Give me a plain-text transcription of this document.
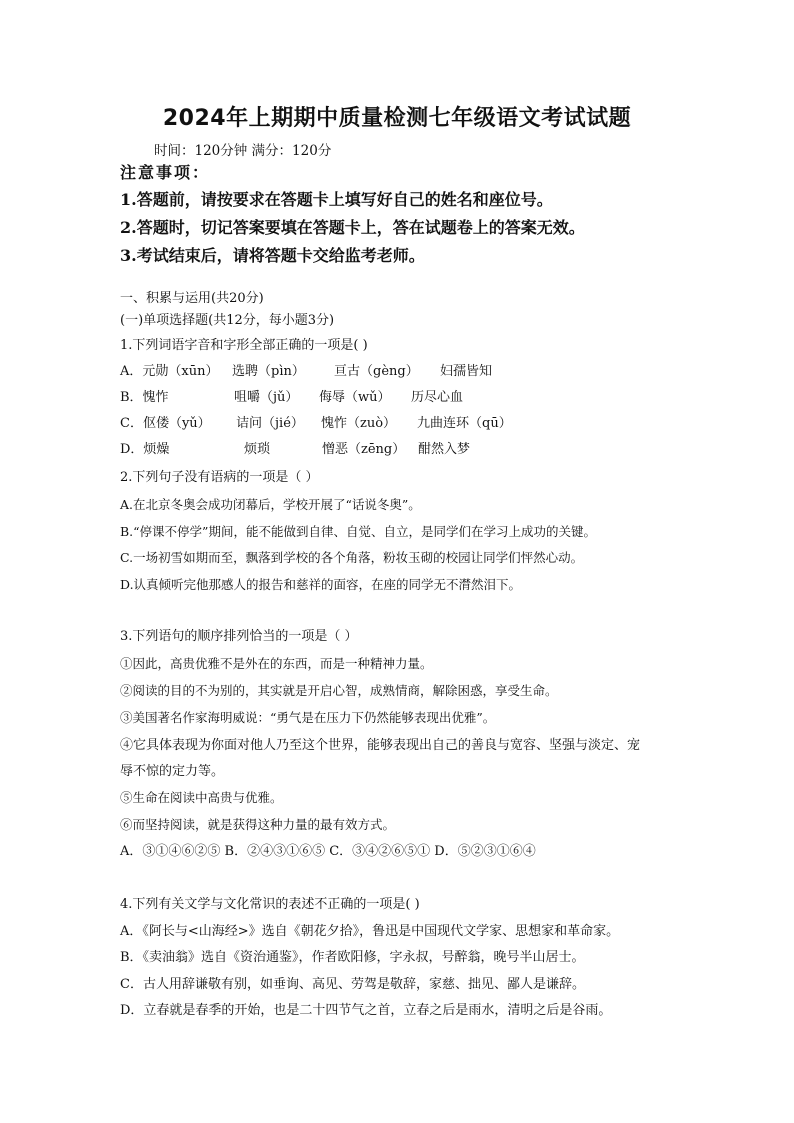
2024年上期期中质量检测七年级语文考试试题
时间：120分钟 满分：120分
注意事项：
1.答题前，请按要求在答题卡上填写好自己的姓名和座位号。
2.答题时，切记答案要填在答题卡上，答在试题卷上的答案无效。
3.考试结束后，请将答题卡交给监考老师。
一、积累与运用(共20分)
(一)单项选择题(共12分，每小题3分)
1.下列词语字音和字形全部正确的一项是( )
A．元勋（xūn） 选聘（pìn） 亘古（gèng） 妇孺皆知
B．愧怍	咀嚼（jǔ） 侮辱（wǔ） 历尽心血
C．伛偻（yǔ） 诘问（jié） 愧怍（zuò） 九曲连环（qū）
D．烦燥	烦琐	憎恶（zēng） 酣然入梦
2.下列句子没有语病的一项是（ ）
A.在北京冬奥会成功闭幕后，学校开展了“话说冬奥”。
B.“停课不停学”期间，能不能做到自律、自觉、自立，是同学们在学习上成功的关键。
C.一场初雪如期而至，飘落到学校的各个角落，粉妆玉砌的校园让同学们怦然心动。
D.认真倾听完他那感人的报告和慈祥的面容，在座的同学无不潸然泪下。
3.下列语句的顺序排列恰当的一项是（ ）
①因此，高贵优雅不是外在的东西，而是一种精神力量。
②阅读的目的不为别的，其实就是开启心智，成熟情商，解除困惑，享受生命。
③美国著名作家海明威说：“勇气是在压力下仍然能够表现出优雅”。
④它具体表现为你面对他人乃至这个世界，能够表现出自己的善良与宽容、坚强与淡定、宠
辱不惊的定力等。
⑤生命在阅读中高贵与优雅。
⑥而坚持阅读，就是获得这种力量的最有效方式。
A．③①④⑥②⑤ B．②④③①⑥⑤ C．③④②⑥⑤① D．⑤②③①⑥④
4.下列有关文学与文化常识的表述不正确的一项是( )
A．《阿长与<山海经>》选自《朝花夕拾》，鲁迅是中国现代文学家、思想家和革命家。
B．《卖油翁》选自《资治通鉴》，作者欧阳修，字永叔，号醉翁，晚号半山居士。
C．古人用辞谦敬有别，如垂询、高见、劳驾是敬辞，家慈、拙见、鄙人是谦辞。
D．立春就是春季的开始，也是二十四节气之首，立春之后是雨水，清明之后是谷雨。
